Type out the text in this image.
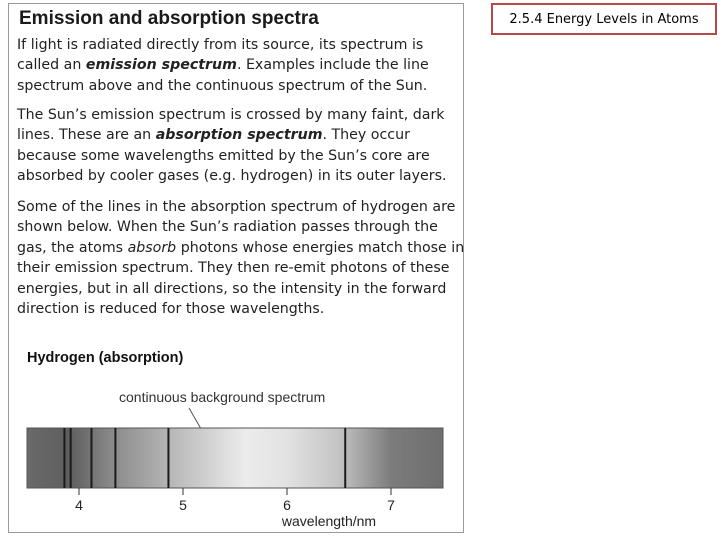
Emission and absorption spectra

If light is radiated directly from its source, its spectrum is called an emission spectrum. Examples include the line spectrum above and the continuous spectrum of the Sun.

The Sun’s emission spectrum is crossed by many faint, dark lines. These are an absorption spectrum. They occur because some wavelengths emitted by the Sun’s core are absorbed by cooler gases (e.g. hydrogen) in its outer layers.

Some of the lines in the absorption spectrum of hydrogen are shown below. When the Sun’s radiation passes through the gas, the atoms absorb photons whose energies match those in their emission spectrum. They then re-emit photons of these energies, but in all directions, so the intensity in the forward direction is reduced for those wavelengths.

Hydrogen (absorption)
continuous background spectrum
4	5	6	7
wavelength/nm
2.5.4 Energy Levels in Atoms
